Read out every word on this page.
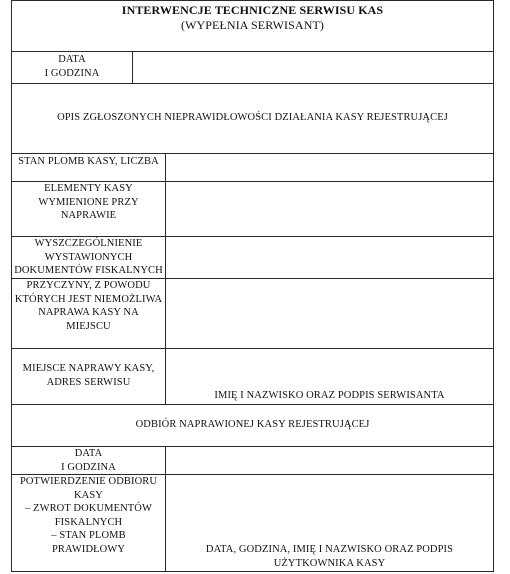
INTERWENCJE TECHNICZNE SERWISU KAS
(WYPEŁNIA SERWISANT)
DATA
I GODZINA
OPIS ZGŁOSZONYCH NIEPRAWIDŁOWOŚCI DZIAŁANIA KASY REJESTRUJĄCEJ
STAN PLOMB KASY, LICZBA
ELEMENTY KASY
WYMIENIONE PRZY
NAPRAWIE
WYSZCZEGÓLNIENIE
WYSTAWIONYCH
DOKUMENTÓW FISKALNYCH
PRZYCZYNY, Z POWODU
KTÓRYCH JEST NIEMOŻLIWA
NAPRAWA KASY NA
MIEJSCU
MIEJSCE NAPRAWY KASY,
ADRES SERWISU
IMIĘ I NAZWISKO ORAZ PODPIS SERWISANTA
ODBIÓR NAPRAWIONEJ KASY REJESTRUJĄCEJ
DATA
I GODZINA
POTWIERDZENIE ODBIORU
KASY
– ZWROT DOKUMENTÓW
FISKALNYCH
– STAN PLOMB
PRAWIDŁOWY	DATA, GODZINA, IMIĘ I NAZWISKO ORAZ PODPIS
UŻYTKOWNIKA KASY
